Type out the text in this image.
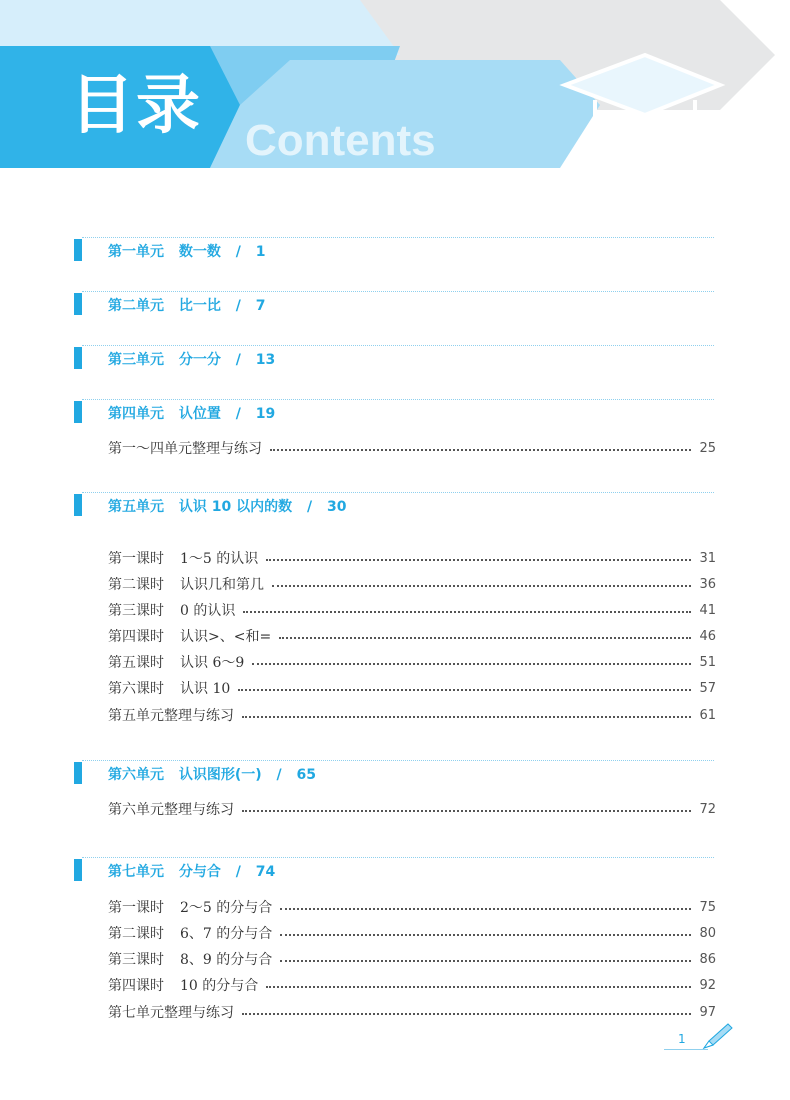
目录 Contents
第一单元 数一数 / 1
第二单元 比一比 / 7
第三单元 分一分 / 13
第四单元 认位置 / 19
第一～四单元整理与练习	25
第五单元 认识 10 以内的数 / 30
第一课时 1～5 的认识	31
第二课时 认识几和第几	36
第三课时 0 的认识	41
第四课时 认识>、<和=	46
第五课时 认识 6～9	51
第六课时 认识 10	57
第五单元整理与练习	61
第六单元 认识图形(一) / 65
第六单元整理与练习	72
第七单元 分与合 / 74
第一课时 2～5 的分与合	75
第二课时 6、7 的分与合	80
第三课时 8、9 的分与合	86
第四课时 10 的分与合	92
第七单元整理与练习	97
1
